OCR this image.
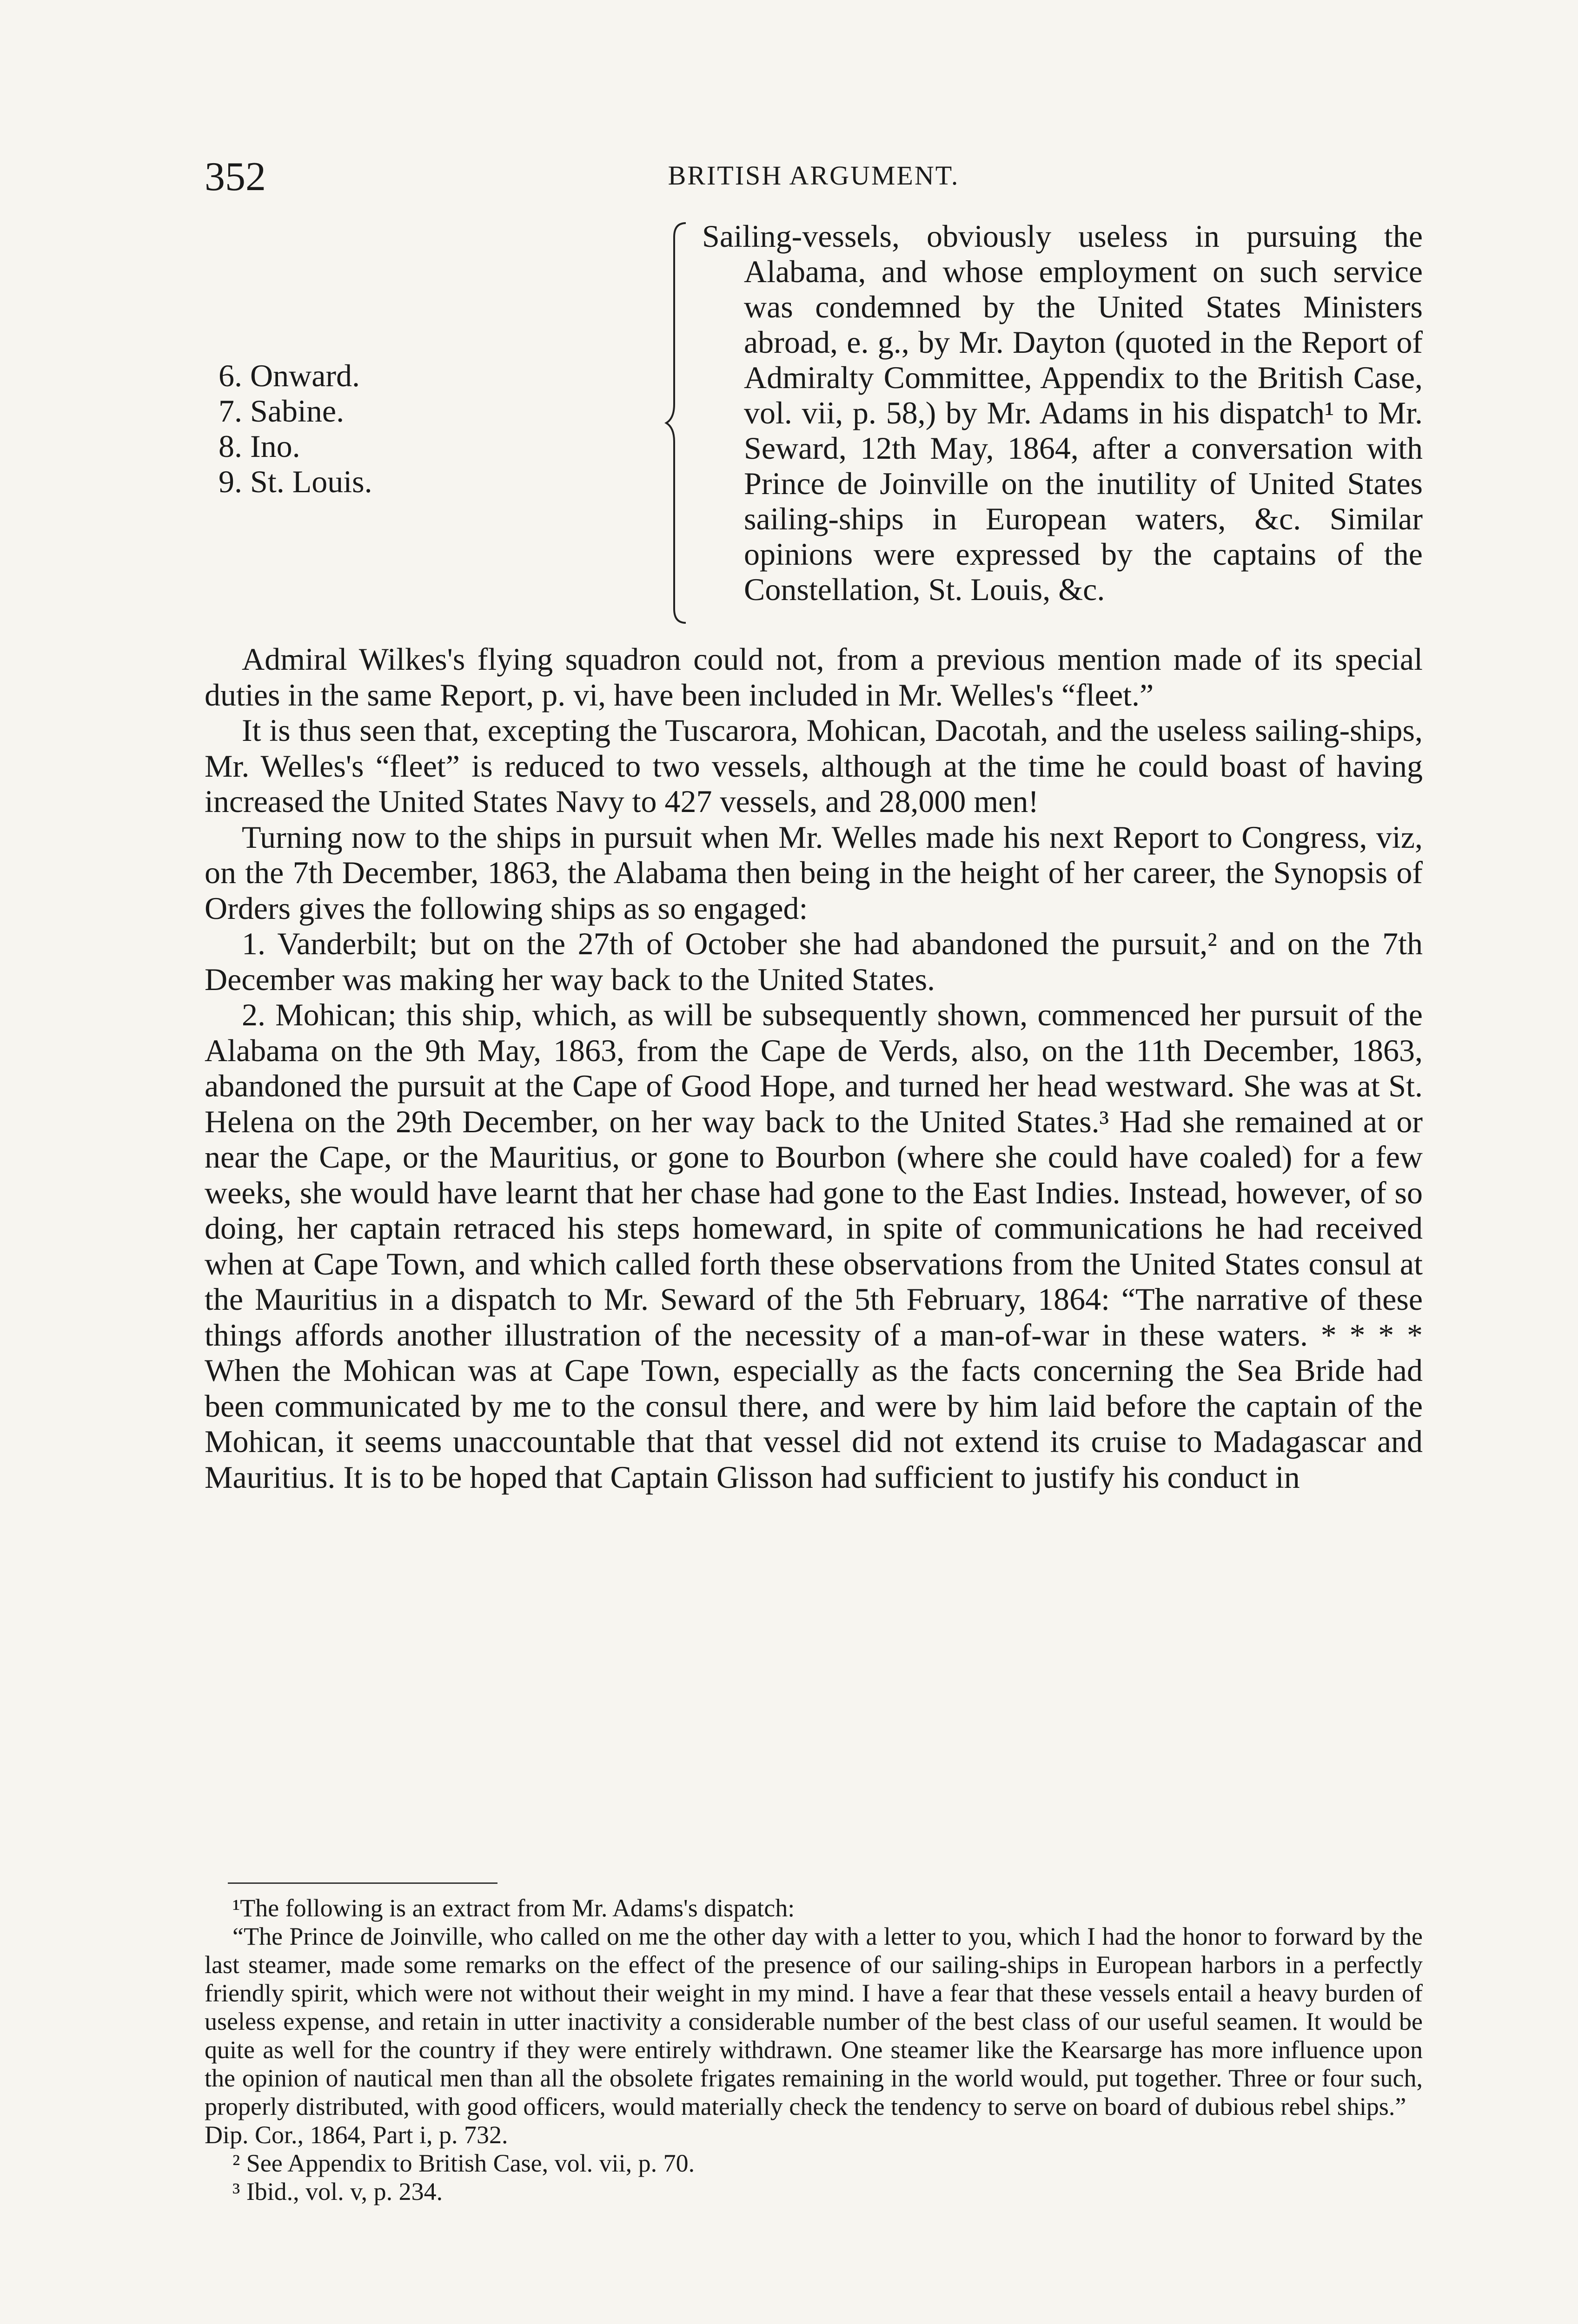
352	BRITISH ARGUMENT.
6. Onward.
7. Sabine.
8. Ino.
9. St. Louis.
Sailing-vessels, obviously useless in pursuing the Alabama, and whose employment on such service was condemned by the United States Ministers abroad, e. g., by Mr. Dayton (quoted in the Report of Admiralty Committee, Appendix to the British Case, vol. vii, p. 58,) by Mr. Adams in his dispatch¹ to Mr. Seward, 12th May, 1864, after a conversation with Prince de Joinville on the inutility of United States sailing-ships in European waters, &c. Similar opinions were expressed by the captains of the Constellation, St. Louis, &c.

Admiral Wilkes's flying squadron could not, from a previous mention made of its special duties in the same Report, p. vi, have been included in Mr. Welles's “fleet.”

It is thus seen that, excepting the Tuscarora, Mohican, Dacotah, and the useless sailing-ships, Mr. Welles's “fleet” is reduced to two vessels, although at the time he could boast of having increased the United States Navy to 427 vessels, and 28,000 men!

Turning now to the ships in pursuit when Mr. Welles made his next Report to Congress, viz, on the 7th December, 1863, the Alabama then being in the height of her career, the Synopsis of Orders gives the following ships as so engaged:

1. Vanderbilt; but on the 27th of October she had abandoned the pursuit,² and on the 7th December was making her way back to the United States.

2. Mohican; this ship, which, as will be subsequently shown, commenced her pursuit of the Alabama on the 9th May, 1863, from the Cape de Verds, also, on the 11th December, 1863, abandoned the pursuit at the Cape of Good Hope, and turned her head westward. She was at St. Helena on the 29th December, on her way back to the United States.³ Had she remained at or near the Cape, or the Mauritius, or gone to Bourbon (where she could have coaled) for a few weeks, she would have learnt that her chase had gone to the East Indies. Instead, however, of so doing, her captain retraced his steps homeward, in spite of communications he had received when at Cape Town, and which called forth these observations from the United States consul at the Mauritius in a dispatch to Mr. Seward of the 5th February, 1864: “The narrative of these things affords another illustration of the necessity of a man-of-war in these waters. * * * * When the Mohican was at Cape Town, especially as the facts concerning the Sea Bride had been communicated by me to the consul there, and were by him laid before the captain of the Mohican, it seems unaccountable that that vessel did not extend its cruise to Madagascar and Mauritius. It is to be hoped that Captain Glisson had sufficient to justify his conduct in

¹The following is an extract from Mr. Adams's dispatch:

“The Prince de Joinville, who called on me the other day with a letter to you, which I had the honor to forward by the last steamer, made some remarks on the effect of the presence of our sailing-ships in European harbors in a perfectly friendly spirit, which were not without their weight in my mind. I have a fear that these vessels entail a heavy burden of useless expense, and retain in utter inactivity a considerable number of the best class of our useful seamen. It would be quite as well for the country if they were entirely withdrawn. One steamer like the Kearsarge has more influence upon the opinion of nautical men than all the obsolete frigates remaining in the world would, put together. Three or four such, properly distributed, with good officers, would materially check the tendency to serve on board of dubious rebel ships.”

Dip. Cor., 1864, Part i, p. 732.

² See Appendix to British Case, vol. vii, p. 70.

³ Ibid., vol. v, p. 234.
